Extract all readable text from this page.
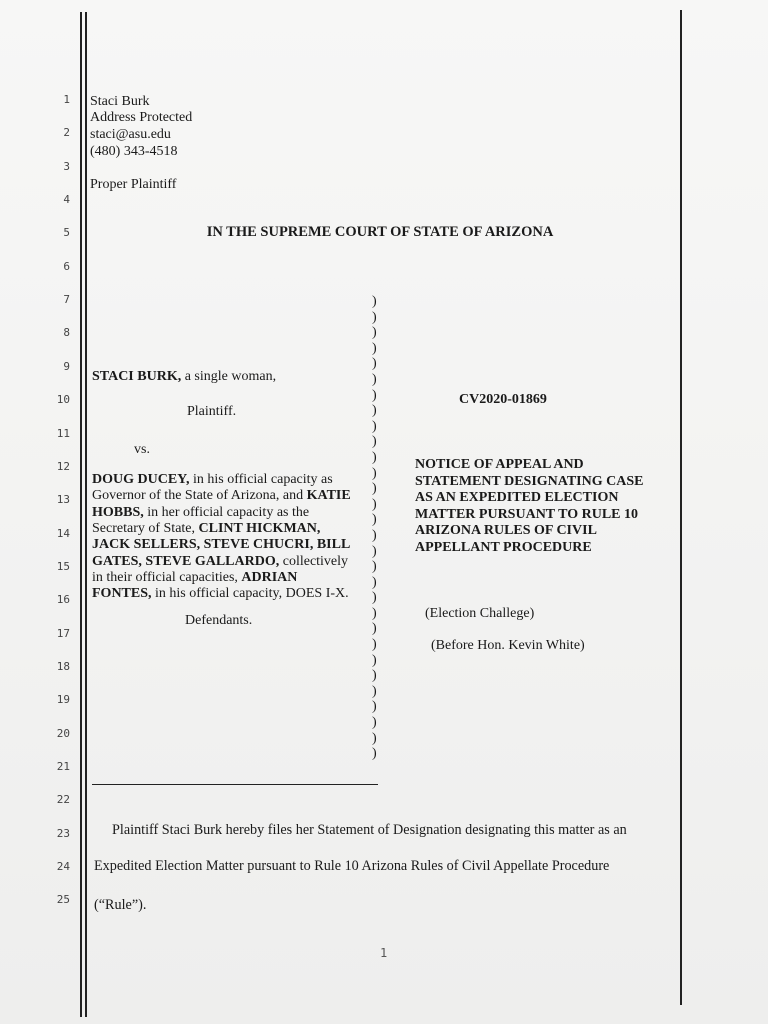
1
2
3
4
5
6
7
8
9
10
11
12
13
14
15
16
17
18
19
20
21
22
23
24
25
Staci Burk
Address Protected
staci@asu.edu
(480) 343-4518
Proper Plaintiff
IN THE SUPREME COURT OF STATE OF ARIZONA
STACI BURK, a single woman,
Plaintiff.
vs.
DOUG DUCEY, in his official capacity as
Governor of the State of Arizona, and KATIE
HOBBS, in her official capacity as the
Secretary of State, CLINT HICKMAN,
JACK SELLERS, STEVE CHUCRI, BILL
GATES, STEVE GALLARDO, collectively
in their official capacities, ADRIAN
FONTES, in his official capacity, DOES I-X.
Defendants.
)
)
)
)
)
)
)
)
)
)
)
)
)
)
)
)
)
)
)
)
)
)
)
)
)
)
)
)
)
)
CV2020-01869
NOTICE OF APPEAL AND
STATEMENT DESIGNATING CASE
AS AN EXPEDITED ELECTION
MATTER PURSUANT TO RULE 10
ARIZONA RULES OF CIVIL
APPELLANT PROCEDURE
(Election Challege)
(Before Hon. Kevin White)
Plaintiff Staci Burk hereby files her Statement of Designation designating this matter as an
Expedited Election Matter pursuant to Rule 10 Arizona Rules of Civil Appellate Procedure
(“Rule”).
1
